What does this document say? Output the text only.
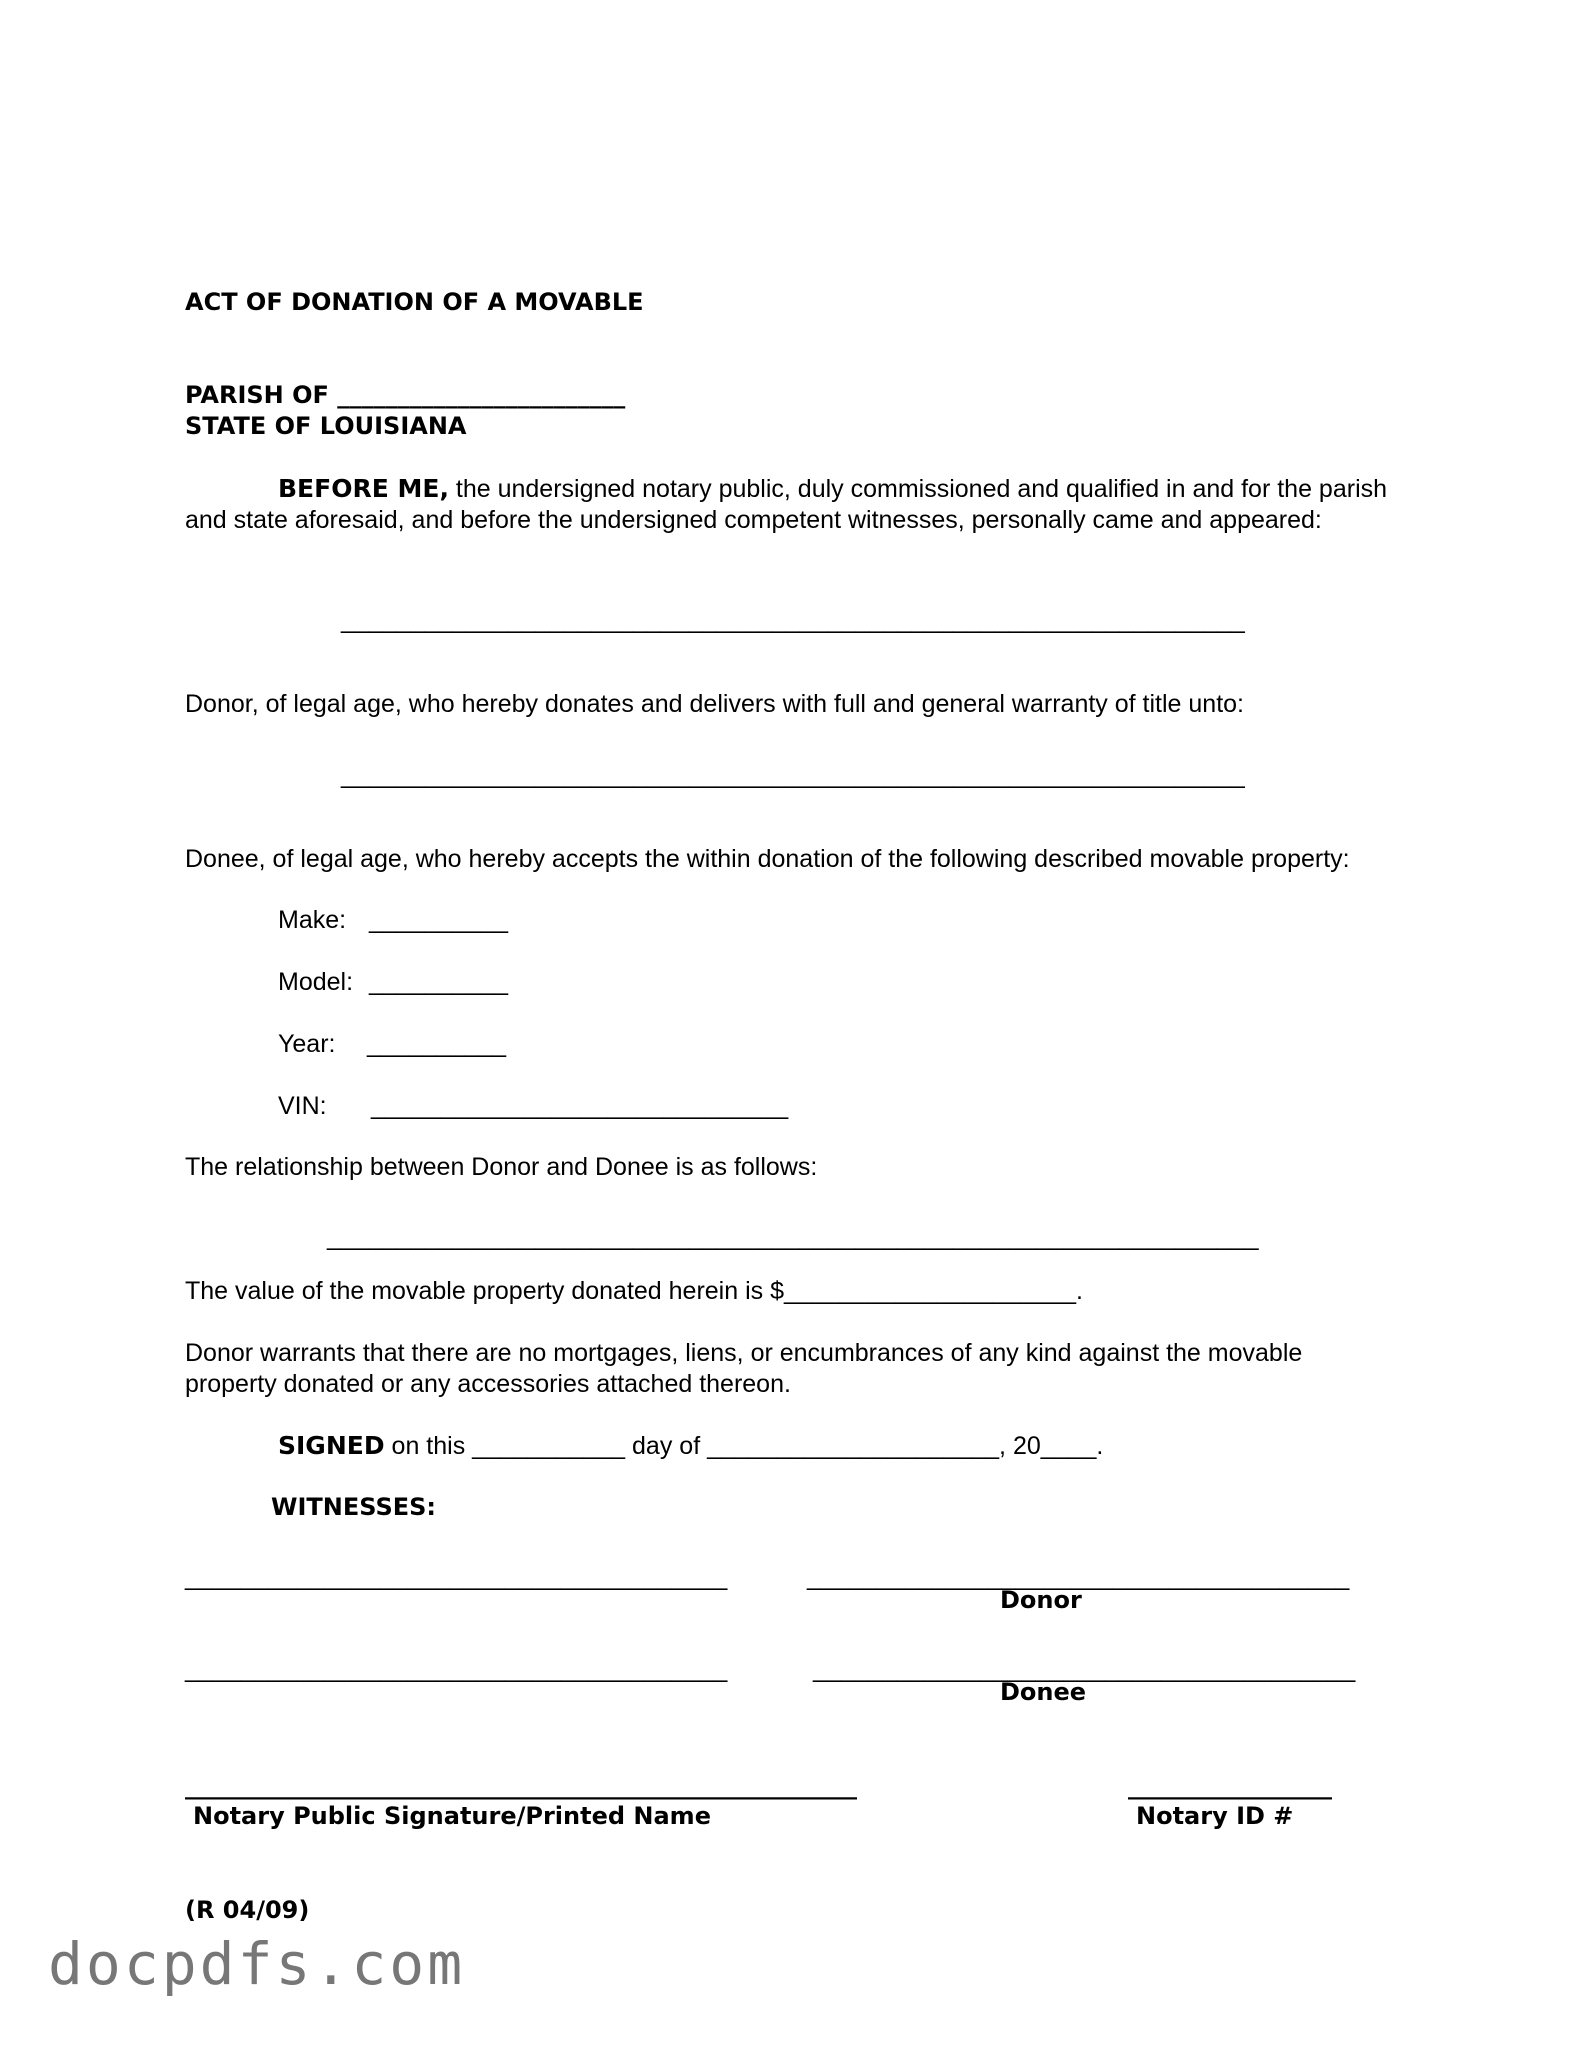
ACT OF DONATION OF A MOVABLE
PARISH OF ________________________
STATE OF LOUISIANA
BEFORE ME, the undersigned notary public, duly commissioned and qualified in and for the parish and state aforesaid, and before the undersigned competent witnesses, personally came and appeared:
_________________________________________________________________
Donor, of legal age, who hereby donates and delivers with full and general warranty of title unto:
_________________________________________________________________
Donee, of legal age, who hereby accepts the within donation of the following described movable property:
Make: __________
Model: __________
Year: __________
VIN: ______________________________
The relationship between Donor and Donee is as follows:
___________________________________________________________________
The value of the movable property donated herein is $_____________________.
Donor warrants that there are no mortgages, liens, or encumbrances of any kind against the movable property donated or any accessories attached thereon.
SIGNED on this ___________ day of _____________________, 20____.
WITNESSES:
_______________________________________	_______________________________________
Donor
_______________________________________	_______________________________________
Donee
________________________________________________________
Notary Public Signature/Printed Name
_________________
Notary ID #
(R 04/09)
docpdfs.com
